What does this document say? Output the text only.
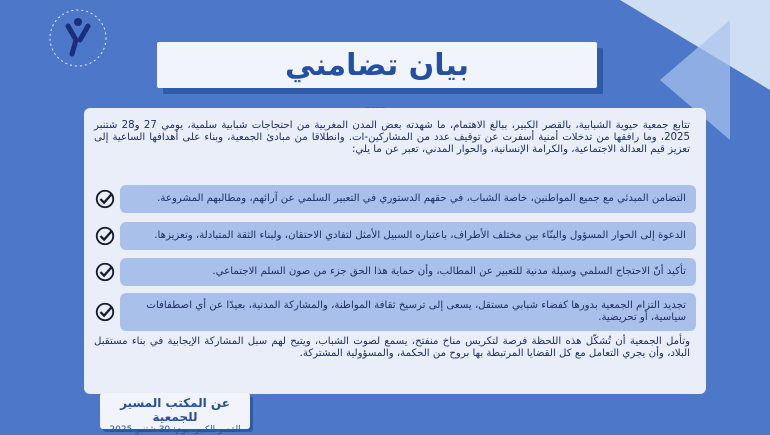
بيان تضامني
تتابع جمعية حيوية الشبابية، بالقصر الكبير، ببالغ الاهتمام، ما شهدته بعض المدن المغربية من احتجاجات شبابية سلمية، يومي 27 و28 شتنبر 2025، وما رافقها من تدخلات أمنية أسفرت عن توقيف عدد من المشاركين-ات. وانطلاقا من مبادئ الجمعية، وبناء على أهدافها الساعية إلى تعزيز قيم العدالة الاجتماعية، والكرامة الإنسانية، والحوار المدني، تعبر عن ما يلي:
التضامن المبدئي مع جميع المواطنين، خاصة الشباب، في حقهم الدستوري في التعبير السلمي عن آرائهم، ومطالبهم المشروعة.
الدعوة إلى الحوار المسؤول والبنّاء بين مختلف الأطراف، باعتباره السبيل الأمثل لتفادي الاحتقان، ولبناء الثقة المتبادلة، وتعزيزها.
تأكيد أنّ الاحتجاج السلمي وسيلة مدنية للتعبير عن المطالب، وأن حماية هذا الحق جزء من صون السلم الاجتماعي.
تجديد التزام الجمعية بدورها كفضاء شبابي مستقل، يسعى إلى ترسيخ ثقافة المواطنة، والمشاركة المدنية، بعيدًا عن أي اصطفافات سياسية، أو تحريضية.
وتأمل الجمعية أن تُشكّل هذه اللحظة فرصة لتكريس مناخ منفتح، يسمع لصوت الشباب، ويتيح لهم سبل المشاركة الإيجابية في بناء مستقبل البلاد، وأن يجري التعامل مع كل القضايا المرتبطة بها بروح من الحكمة، والمسؤولية المشتركة.
عن المكتب المسير للجمعية
القصر الكبير، يوم: 30 شتنبر 2025
